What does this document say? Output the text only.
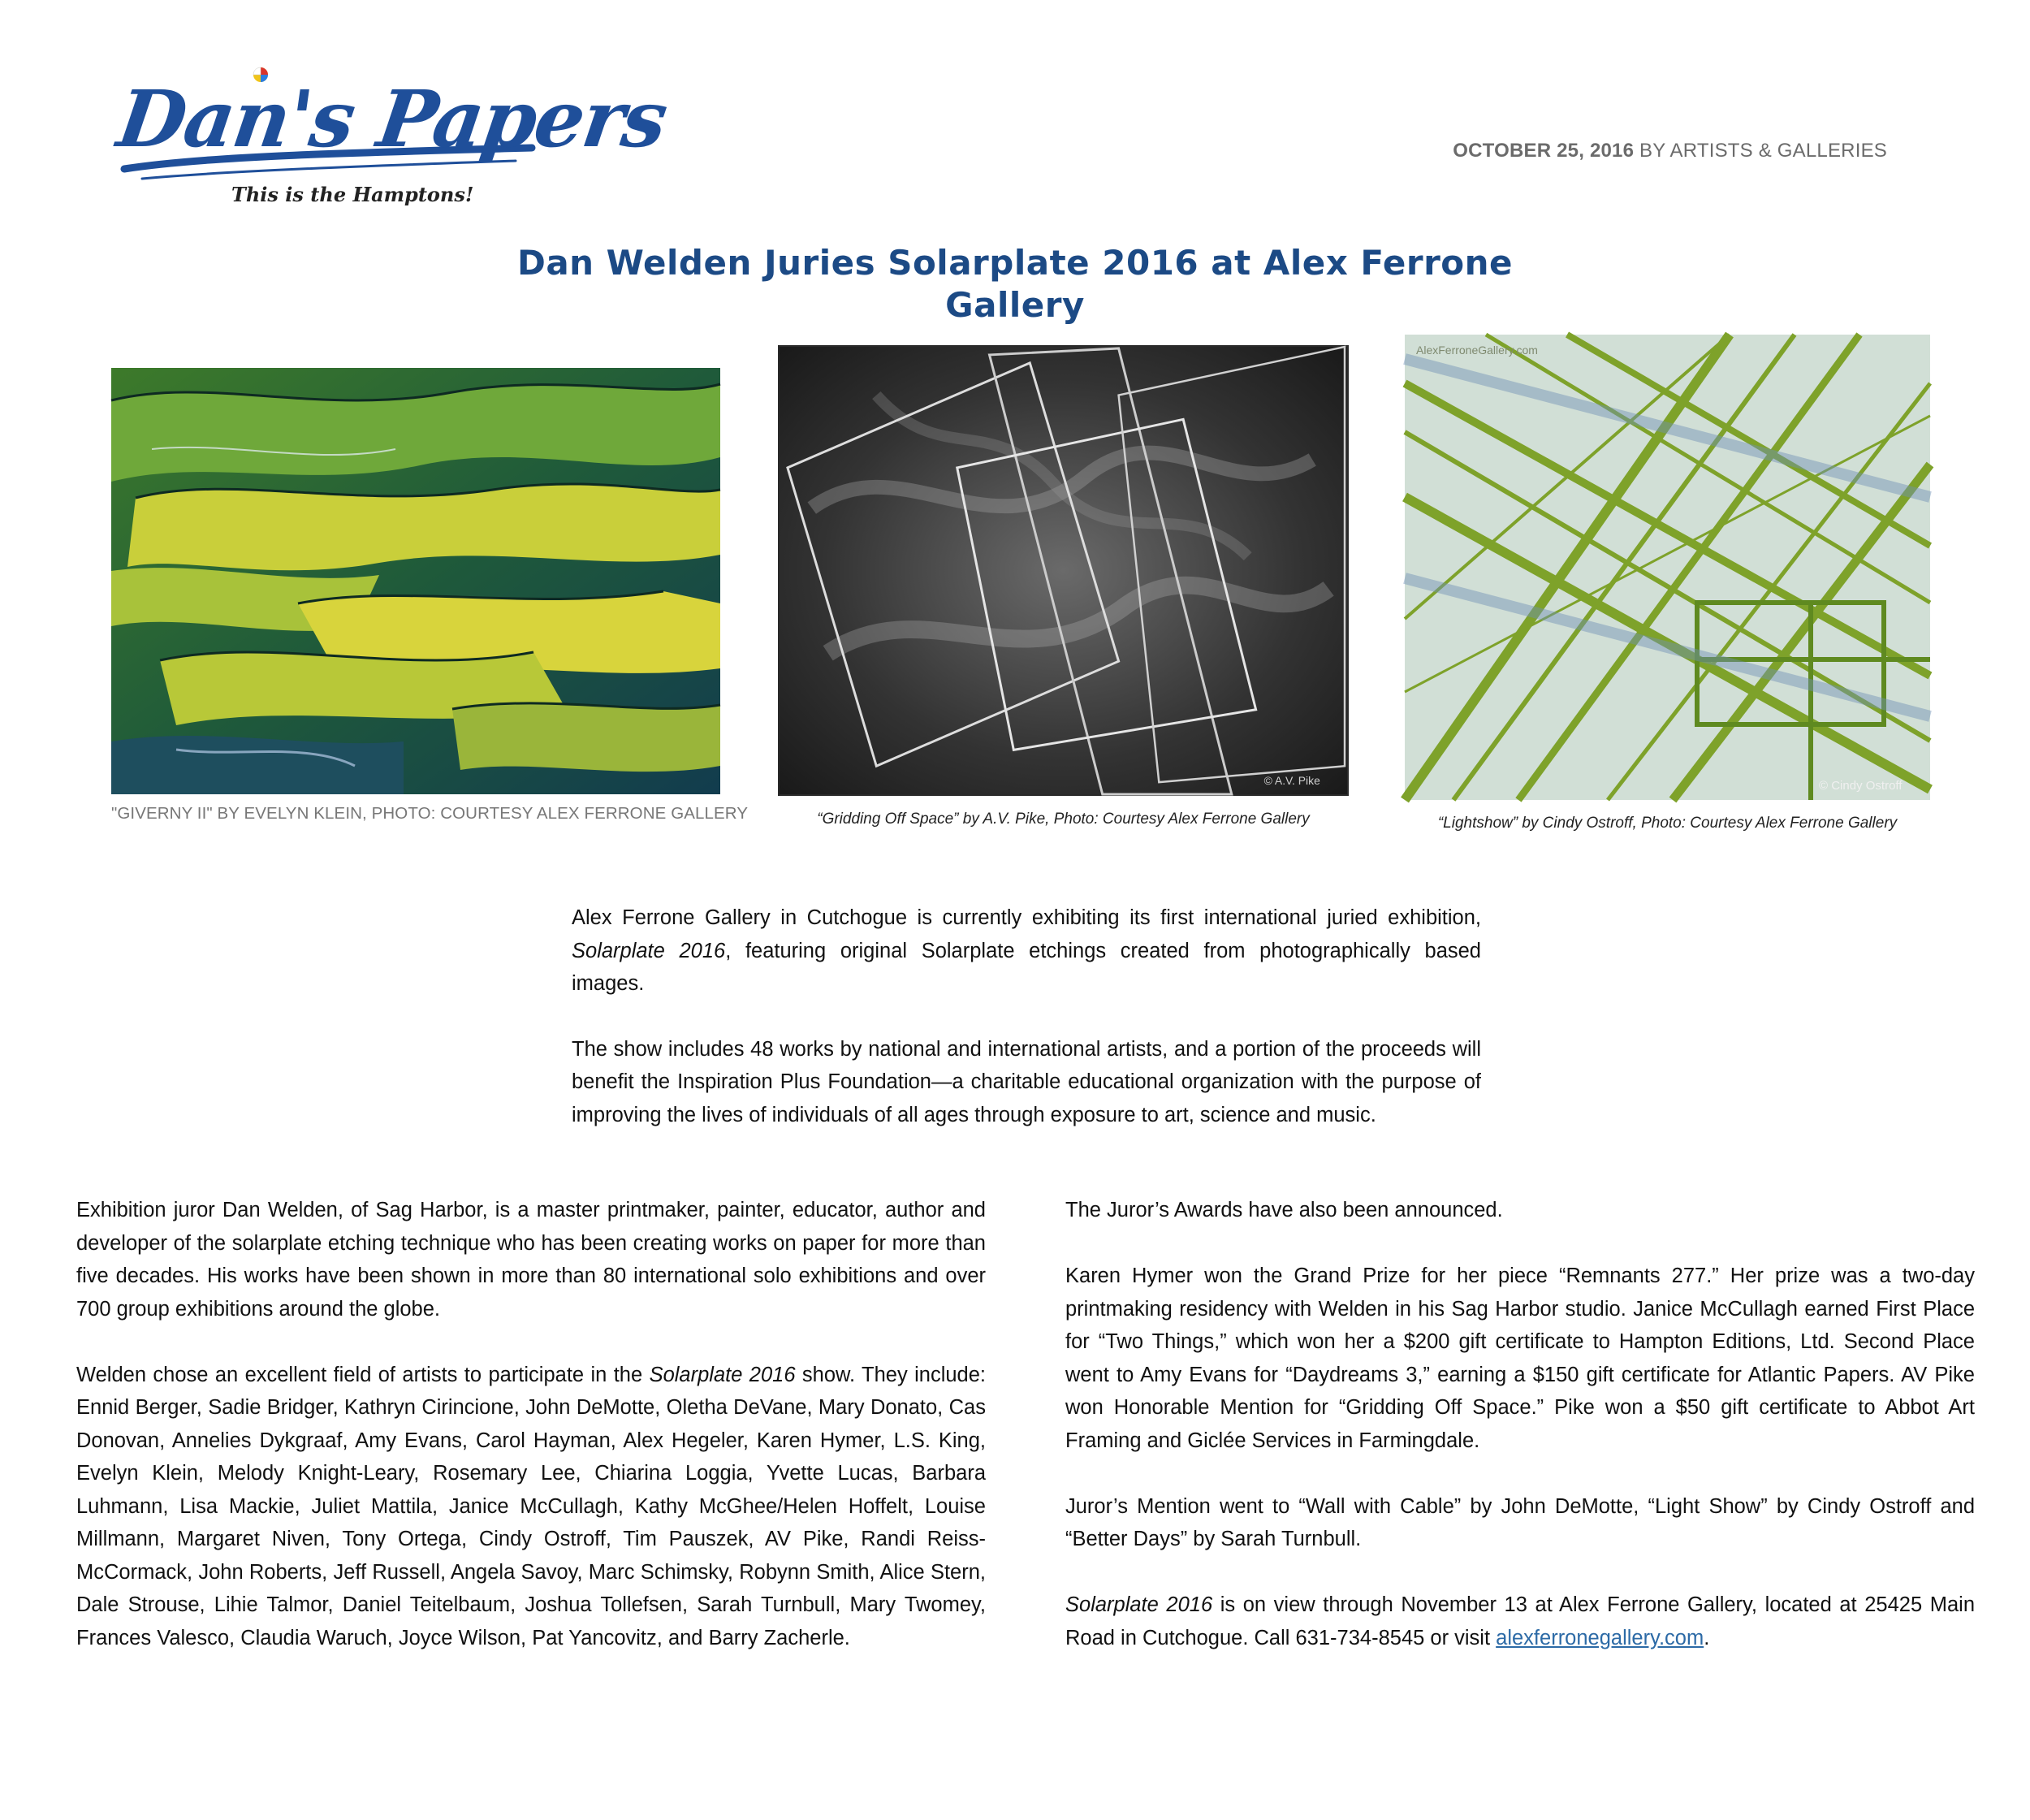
Dan's Papers
This is the Hamptons!
OCTOBER 25, 2016 BY ARTISTS & GALLERIES
Dan Welden Juries Solarplate 2016 at Alex Ferrone Gallery
"GIVERNY II" BY EVELYN KLEIN, PHOTO: COURTESY ALEX FERRONE GALLERY
© A.V. Pike
“Gridding Off Space” by A.V. Pike, Photo: Courtesy Alex Ferrone Gallery
AlexFerroneGallery.com
© Cindy Ostroff
“Lightshow” by Cindy Ostroff, Photo: Courtesy Alex Ferrone Gallery

Alex Ferrone Gallery in Cutchogue is currently exhibiting its first international juried exhibition, Solarplate 2016, featuring original Solarplate etchings created from photographically based images.

The show includes 48 works by national and international artists, and a portion of the proceeds will benefit the Inspiration Plus Foundation—a charitable educational organization with the purpose of improving the lives of individuals of all ages through exposure to art, science and music.

Exhibition juror Dan Welden, of Sag Harbor, is a master printmaker, painter, educator, author and developer of the solarplate etching technique who has been creating works on paper for more than five decades. His works have been shown in more than 80 international solo exhibitions and over 700 group exhibitions around the globe.

Welden chose an excellent field of artists to participate in the Solarplate 2016 show. They include: Ennid Berger, Sadie Bridger, Kathryn Cirincione, John DeMotte, Oletha DeVane, Mary Donato, Cas Donovan, Annelies Dykgraaf, Amy Evans, Carol Hayman, Alex Hegeler, Karen Hymer, L.S. King, Evelyn Klein, Melody Knight-Leary, Rosemary Lee, Chiarina Loggia, Yvette Lucas, Barbara Luhmann, Lisa Mackie, Juliet Mattila, Janice McCullagh, Kathy McGhee/Helen Hoffelt, Louise Millmann, Margaret Niven, Tony Ortega, Cindy Ostroff, Tim Pauszek, AV Pike, Randi Reiss-McCormack, John Roberts, Jeff Russell, Angela Savoy, Marc Schimsky, Robynn Smith, Alice Stern, Dale Strouse, Lihie Talmor, Daniel Teitelbaum, Joshua Tollefsen, Sarah Turnbull, Mary Twomey, Frances Valesco, Claudia Waruch, Joyce Wilson, Pat Yancovitz, and Barry Zacherle.

The Juror’s Awards have also been announced.

Karen Hymer won the Grand Prize for her piece “Remnants 277.” Her prize was a two-day printmaking residency with Welden in his Sag Harbor studio. Janice McCullagh earned First Place for “Two Things,” which won her a $200 gift certificate to Hampton Editions, Ltd. Second Place went to Amy Evans for “Daydreams 3,” earning a $150 gift certificate for Atlantic Papers. AV Pike won Honorable Mention for “Gridding Off Space.” Pike won a $50 gift certificate to Abbot Art Framing and Giclée Services in Farmingdale.

Juror’s Mention went to “Wall with Cable” by John DeMotte, “Light Show” by Cindy Ostroff and “Better Days” by Sarah Turnbull.

Solarplate 2016 is on view through November 13 at Alex Ferrone Gallery, located at 25425 Main Road in Cutchogue. Call 631-734-8545 or visit alexferronegallery.com.
